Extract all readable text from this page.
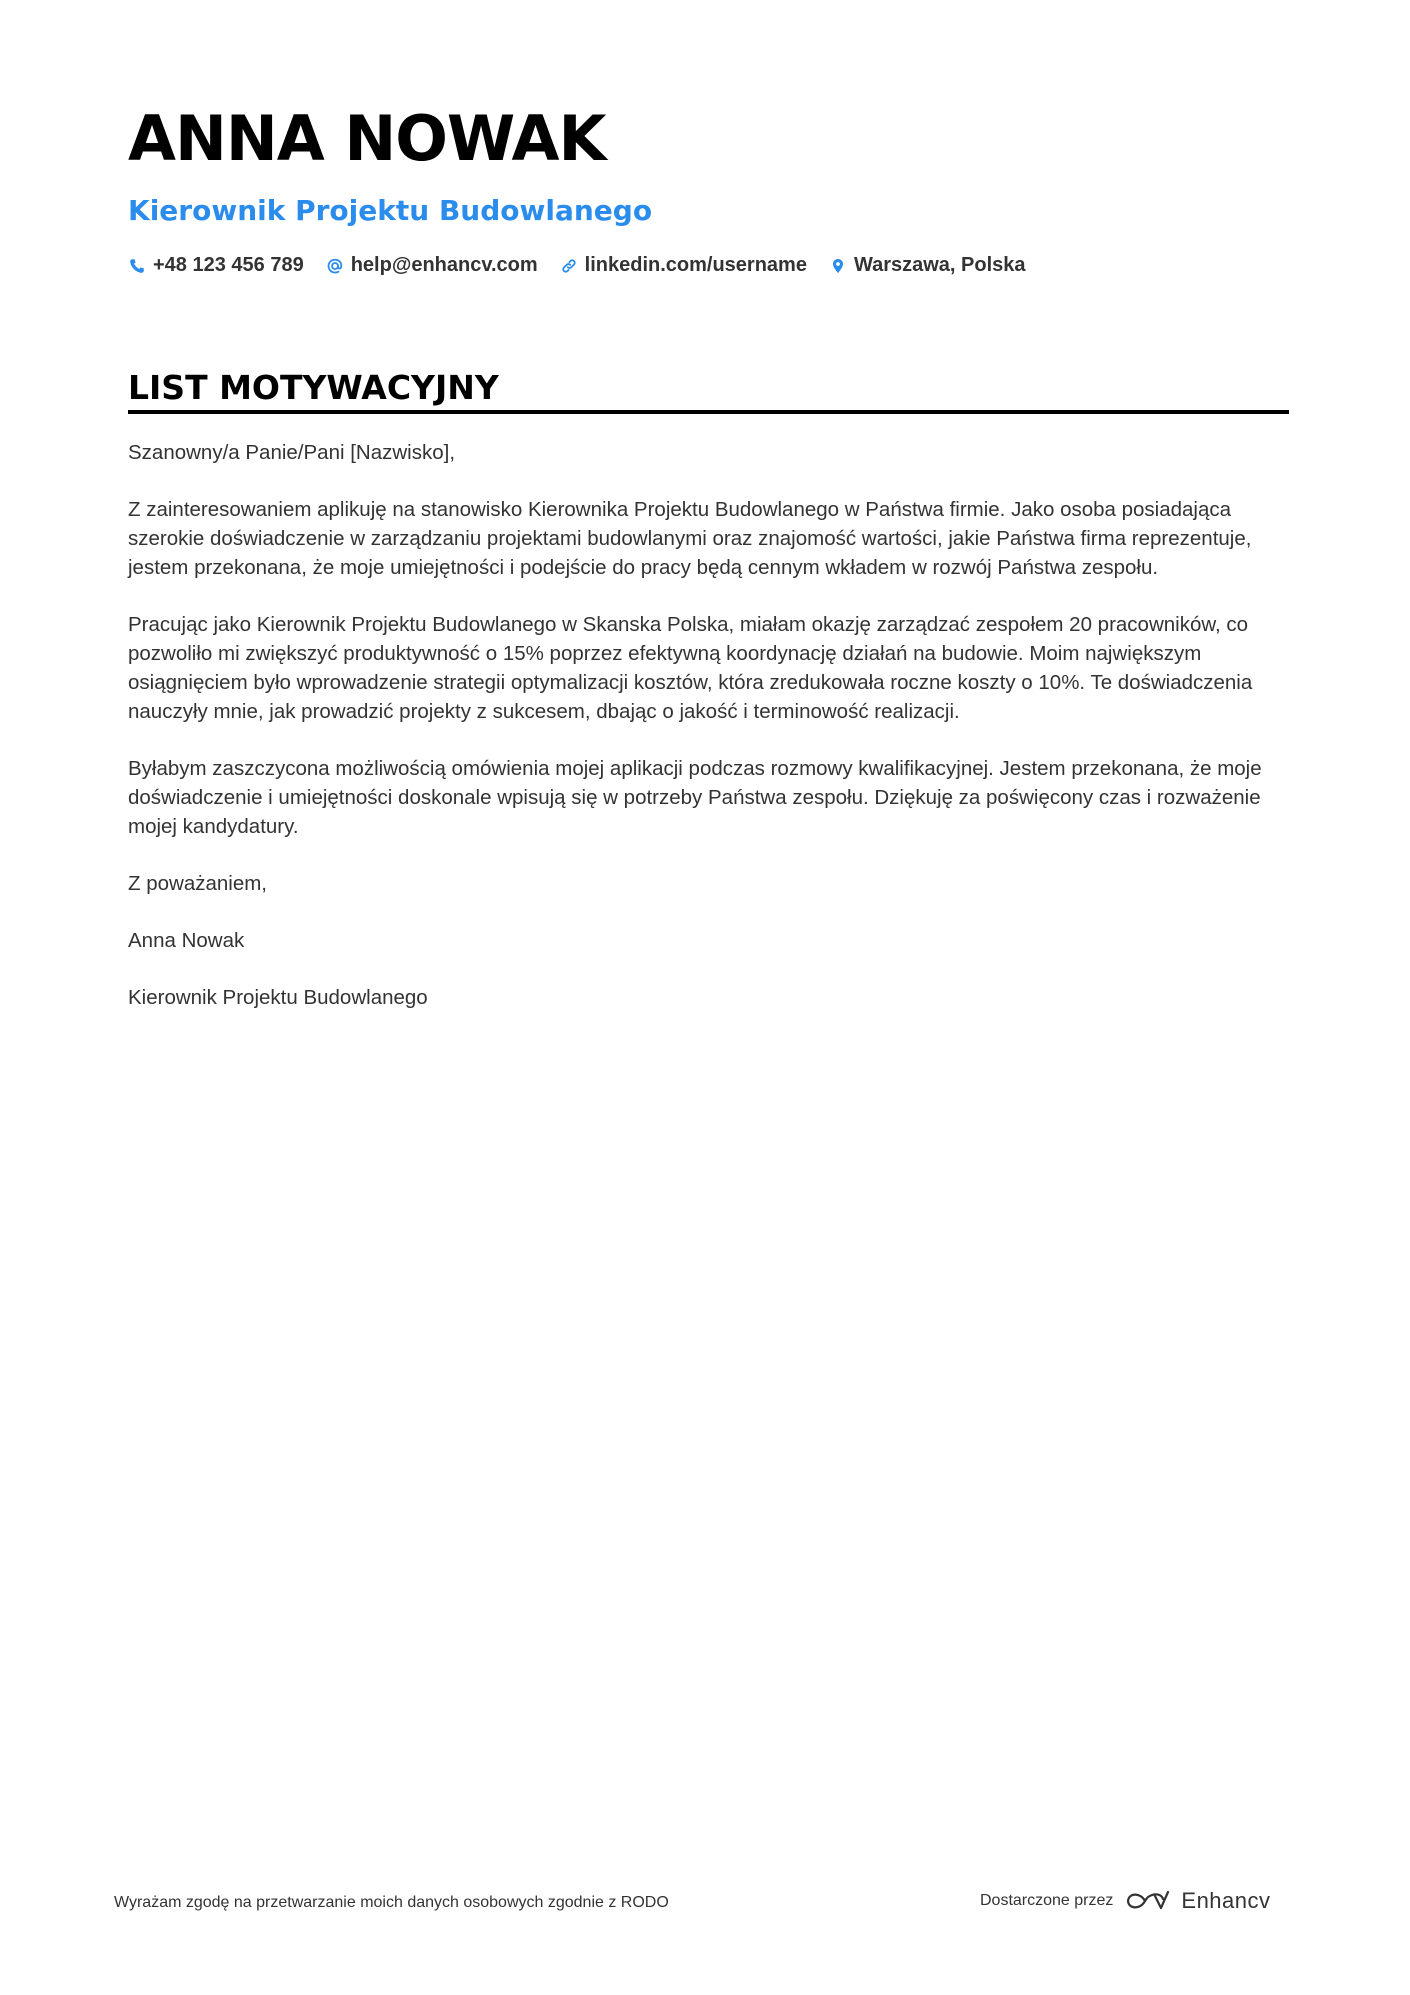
ANNA NOWAK
Kierownik Projektu Budowlanego
+48 123 456 789 help@enhancv.com linkedin.com/username Warszawa, Polska
LIST MOTYWACYJNY

Szanowny/a Panie/Pani [Nazwisko],

Z zainteresowaniem aplikuję na stanowisko Kierownika Projektu Budowlanego w Państwa firmie. Jako osoba posiadająca szerokie doświadczenie w zarządzaniu projektami budowlanymi oraz znajomość wartości, jakie Państwa firma reprezentuje, jestem przekonana, że moje umiejętności i podejście do pracy będą cennym wkładem w rozwój Państwa zespołu.

Pracując jako Kierownik Projektu Budowlanego w Skanska Polska, miałam okazję zarządzać zespołem 20 pracowników, co pozwoliło mi zwiększyć produktywność o 15% poprzez efektywną koordynację działań na budowie. Moim największym osiągnięciem było wprowadzenie strategii optymalizacji kosztów, która zredukowała roczne koszty o 10%. Te doświadczenia nauczyły mnie, jak prowadzić projekty z sukcesem, dbając o jakość i terminowość realizacji.

Byłabym zaszczycona możliwością omówienia mojej aplikacji podczas rozmowy kwalifikacyjnej. Jestem przekonana, że moje doświadczenie i umiejętności doskonale wpisują się w potrzeby Państwa zespołu. Dziękuję za poświęcony czas i rozważenie mojej kandydatury.

Z poważaniem,

Anna Nowak

Kierownik Projektu Budowlanego

Wyrażam zgodę na przetwarzanie moich danych osobowych zgodnie z RODO	Dostarczone przez	Enhancv
